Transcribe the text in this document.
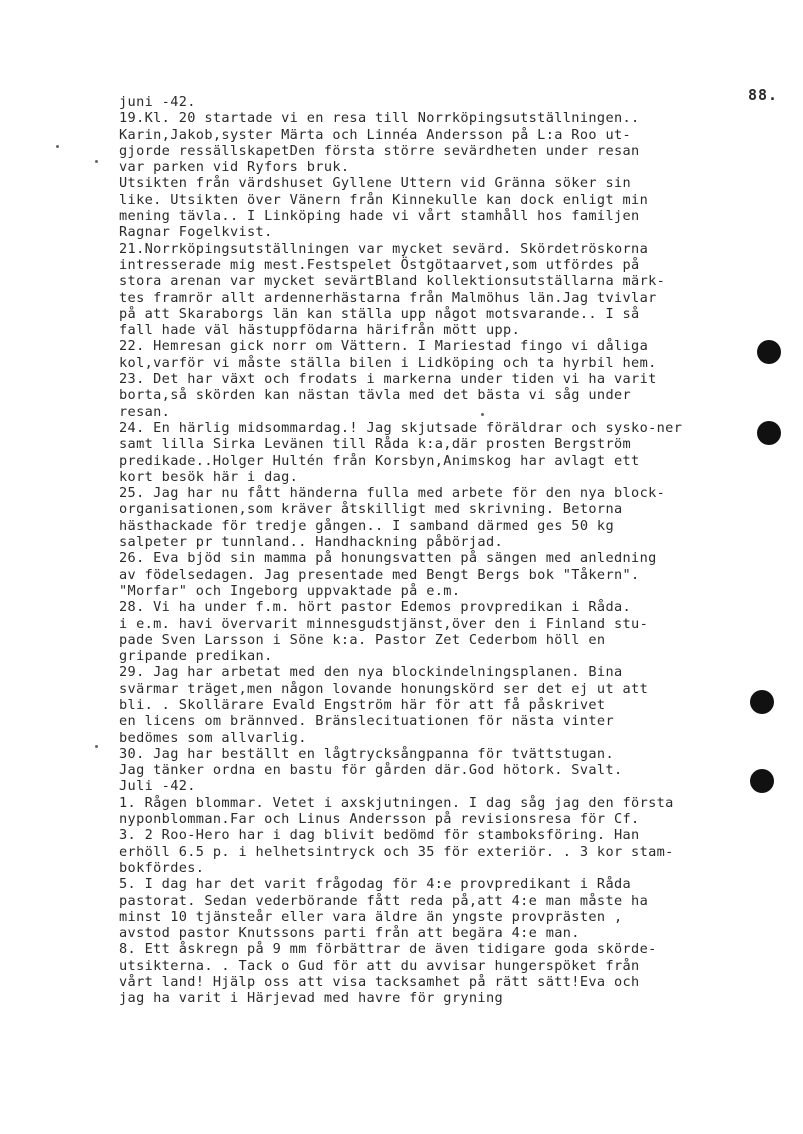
88.
juni -42.
19.Kl. 20 startade vi en resa till Norrköpingsutställningen..
Karin,Jakob,syster Märta och Linnéa Andersson på L:a Roo ut-
gjorde ressällskapetDen första större sevärdheten under resan
var parken vid Ryfors bruk.
Utsikten från värdshuset Gyllene Uttern vid Gränna söker sin
like. Utsikten över Vänern från Kinnekulle kan dock enligt min
mening tävla.. I Linköping hade vi vårt stamhåll hos familjen
Ragnar Fogelkvist.
21.Norrköpingsutställningen var mycket sevärd. Skördetröskorna
intresserade mig mest.Festspelet Östgötaarvet,som utfördes på
stora arenan var mycket sevärtBland kollektionsutställarna märk-
tes framrör allt ardennerhästarna från Malmöhus län.Jag tvivlar
på att Skaraborgs län kan ställa upp något motsvarande.. I så
fall hade väl hästuppfödarna härifrån mött upp.
22. Hemresan gick norr om Vättern. I Mariestad fingo vi dåliga
kol,varför vi måste ställa bilen i Lidköping och ta hyrbil hem.
23. Det har växt och frodats i markerna under tiden vi ha varit
borta,så skörden kan nästan tävla med det bästa vi såg under
resan.
24. En härlig midsommardag.! Jag skjutsade föräldrar och sysko-ner
samt lilla Sirka Levänen till Råda k:a,där prosten Bergström
predikade..Holger Hultén från Korsbyn,Animskog har avlagt ett
kort besök här i dag.
25. Jag har nu fått händerna fulla med arbete för den nya block-
organisationen,som kräver åtskilligt med skrivning. Betorna
hästhackade för tredje gången.. I samband därmed ges 50 kg
salpeter pr tunnland.. Handhackning påbörjad.
26. Eva bjöd sin mamma på honungsvatten på sängen med anledning
av födelsedagen. Jag presentade med Bengt Bergs bok "Tåkern".
"Morfar" och Ingeborg uppvaktade på e.m.
28. Vi ha under f.m. hört pastor Edemos provpredikan i Råda.
i e.m. havi övervarit minnesgudstjänst,över den i Finland stu-
pade Sven Larsson i Söne k:a. Pastor Zet Cederbom höll en
gripande predikan.
29. Jag har arbetat med den nya blockindelningsplanen. Bina
svärmar träget,men någon lovande honungskörd ser det ej ut att
bli. . Skollärare Evald Engström här för att få påskrivet
en licens om brännved. Bränslecituationen för nästa vinter
bedömes som allvarlig.
30. Jag har beställt en lågtrycksångpanna för tvättstugan.
Jag tänker ordna en bastu för gården där.God hötork. Svalt.
Juli -42.
1. Rågen blommar. Vetet i axskjutningen. I dag såg jag den första
nyponblomman.Far och Linus Andersson på revisionsresa för Cf.
3. 2 Roo-Hero har i dag blivit bedömd för stamboksföring. Han
erhöll 6.5 p. i helhetsintryck och 35 för exteriör. . 3 kor stam-
bokfördes.
5. I dag har det varit frågodag för 4:e provpredikant i Råda
pastorat. Sedan vederbörande fått reda på,att 4:e man måste ha
minst 10 tjänsteår eller vara äldre än yngste provprästen ,
avstod pastor Knutssons parti från att begära 4:e man.
8. Ett åskregn på 9 mm förbättrar de även tidigare goda skörde-
utsikterna. . Tack o Gud för att du avvisar hungerspöket från
vårt land! Hjälp oss att visa tacksamhet på rätt sätt!Eva och
jag ha varit i Härjevad med havre för gryning
